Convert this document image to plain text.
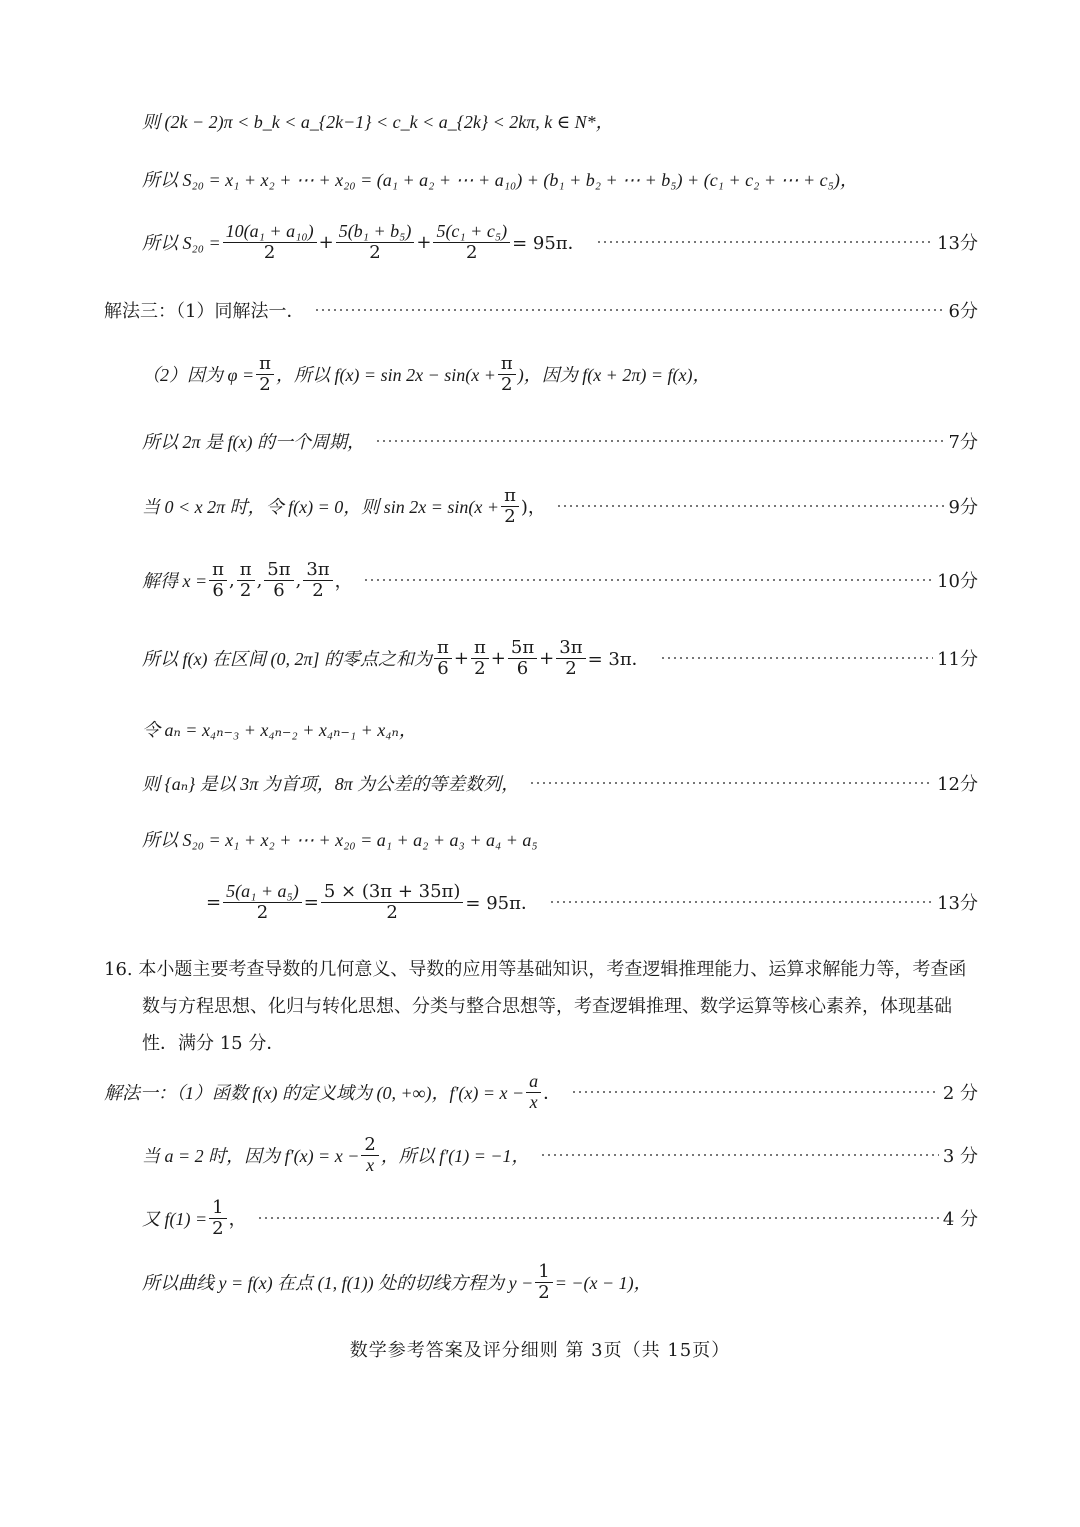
则 (2k − 2)π < b_k < a_{2k−1} < c_k < a_{2k} < 2kπ, k ∈ N*，
所以 S₂₀ = x₁ + x₂ + ⋯ + x₂₀ = (a₁ + a₂ + ⋯ + a₁₀) + (b₁ + b₂ + ⋯ + b₅) + (c₁ + c₂ + ⋯ + c₅)，
所以 $S_{20} = \frac{\text{10(a₁ + a₁₀)}}{2} + \frac{\text{5(b₁ + b₅)}}{2} + \frac{\text{5(c₁ + c₅)}}{2} = 95\pi$．	13分
解法三：（1）同解法一．	6分
（2）因为 $\varphi = \frac{\pi}{2}$ ，所以 $f(x) = \sin 2x - \sin(x + \frac{\pi}{2}$ )，因为 f(x + 2π) = f(x)，
所以 2π 是 f(x) 的一个周期，	7分
当 0 < x 2π 时，令 f(x) = 0，则 $\sin 2x = \sin(x + \frac{\pi}{2}$ )，	9分
解得 $x = \frac{\pi}{6}$ , $\frac{\pi}{2}$ , $\frac{5\pi}{6}$ , $\frac{3\pi}{2}$ ，	10分
所以 f(x) 在区间 (0, 2π] 的零点之和为 $\frac{\pi}{6} + \frac{\pi}{2} + \frac{5\pi}{6} + \frac{3\pi}{2} = 3\pi$．	11分
令 aₙ = x₄ₙ₋₃ + x₄ₙ₋₂ + x₄ₙ₋₁ + x₄ₙ，
则 {aₙ} 是以 3π 为首项，8π 为公差的等差数列，	12分
所以 S₂₀ = x₁ + x₂ + ⋯ + x₂₀ = a₁ + a₂ + a₃ + a₄ + a₅
= $\frac{\text{5(a₁ + a₅)}}{2} = \frac{5 \times (3\pi + 35\pi)}{2} = 95\pi$．	13分
16. 本小题主要考查导数的几何意义、导数的应用等基础知识，考查逻辑推理能力、运算求解能力等，考查函数与方程思想、化归与转化思想、分类与整合思想等，考查逻辑推理、数学运算等核心素养，体现基础性．满分 15 分．
解法一：（1）函数 f(x) 的定义域为 (0, +∞)，$f'(x) = x - \frac{a}{x}$ ．	2 分
当 a = 2 时，因为 $f'(x) = x - \frac{2}{x}$ ，所以 f′(1) = −1，	3 分
又 $f(1) = \frac{1}{2}$ ，	4 分
所以曲线 y = f(x) 在点 (1, f(1)) 处的切线方程为 $y - \frac{1}{2} = -(x - 1)$，
数学参考答案及评分细则 第 3页（共 15页）
